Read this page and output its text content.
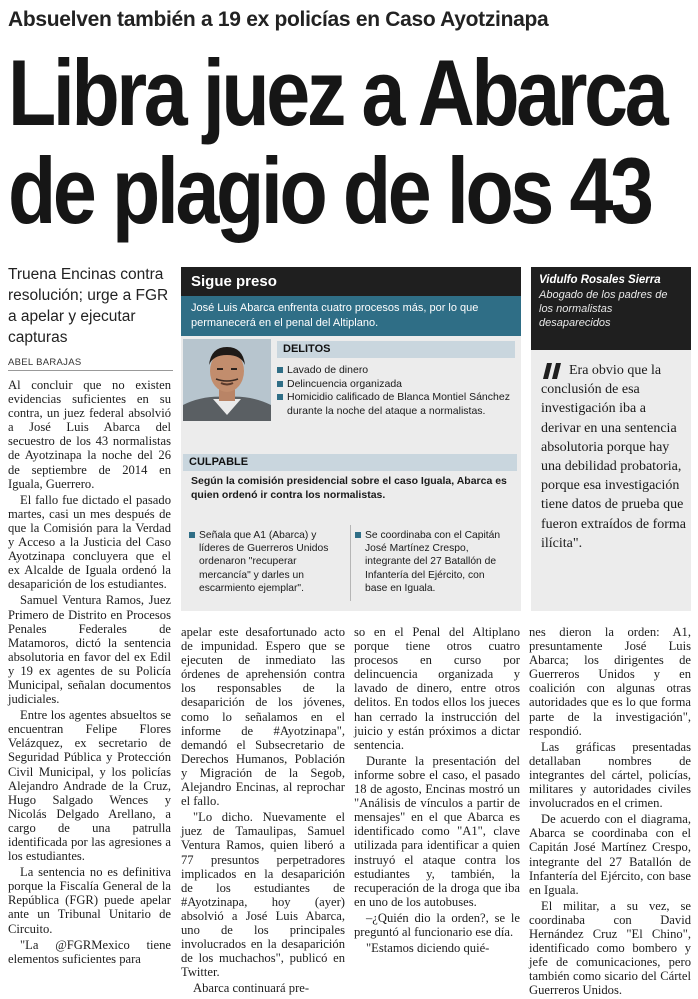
Absuelven también a 19 ex policías en Caso Ayotzinapa
Libra juez a Abarca
de plagio de los 43
Truena Encinas contra resolución; urge a FGR a apelar y ejecutar capturas
ABEL BARAJAS

Al concluir que no existen evidencias suficientes en su contra, un juez federal absolvió a José Luis Abarca del secuestro de los 43 normalistas de Ayotzinapa la noche del 26 de septiembre de 2014 en Iguala, Guerrero.

El fallo fue dictado el pasado martes, casi un mes después de que la Comisión para la Verdad y Acceso a la Justicia del Caso Ayotzinapa concluyera que el ex Alcalde de Iguala ordenó la desaparición de los estudiantes.

Samuel Ventura Ramos, Juez Primero de Distrito en Procesos Penales Federales de Matamoros, dictó la sentencia absolutoria en favor del ex Edil y 19 ex agentes de su Policía Municipal, señalan documentos judiciales.

Entre los agentes absueltos se encuentran Felipe Flores Velázquez, ex secretario de Seguridad Pública y Protección Civil Municipal, y los policías Alejandro Andrade de la Cruz, Hugo Salgado Wences y Nicolás Delgado Arellano, a cargo de una patrulla identificada por las agresiones a los estudiantes.

La sentencia no es definitiva porque la Fiscalía General de la República (FGR) puede apelar ante un Tribunal Unitario de Circuito.

"La @FGRMexico tiene elementos suficientes para

Sigue preso
José Luis Abarca enfrenta cuatro procesos más, por lo que permanecerá en el penal del Altiplano.
DELITOS
Lavado de dinero
Delincuencia organizada
Homicidio calificado de Blanca Montiel Sánchez durante la noche del ataque a normalistas.
CULPABLE
Según la comisión presidencial sobre el caso Iguala, Abarca es quien ordenó ir contra los normalistas.
Señala que A1 (Abarca) y líderes de Guerreros Unidos ordenaron "recuperar mercancía" y darles un escarmiento ejemplar".
Se coordinaba con el Capitán José Martínez Crespo, integrante del 27 Batallón de Infantería del Ejército, con base en Iguala.
Vidulfo Rosales Sierra
Abogado de los padres de los normalistas desaparecidos
Era obvio que la conclusión de esa investigación iba a derivar en una sentencia absolutoria porque hay una debilidad probatoria, porque esa investigación tiene datos de prueba que fueron extraídos de forma ilícita".

apelar este desafortunado acto de impunidad. Espero que se ejecuten de inmediato las órdenes de aprehensión contra los responsables de la desaparición de los jóvenes, como lo señalamos en el informe de #Ayotzinapa", demandó el Subsecretario de Derechos Humanos, Población y Migración de la Segob, Alejandro Encinas, al reprochar el fallo.

"Lo dicho. Nuevamente el juez de Tamaulipas, Samuel Ventura Ramos, quien liberó a 77 presuntos perpetradores implicados en la desaparición de los estudiantes de #Ayotzinapa, hoy (ayer) absolvió a José Luis Abarca, uno de los principales involucrados en la desaparición de los muchachos", publicó en Twitter.

Abarca continuará pre-

so en el Penal del Altiplano porque tiene otros cuatro procesos en curso por delincuencia organizada y lavado de dinero, entre otros delitos. En todos ellos los jueces han cerrado la instrucción del juicio y están próximos a dictar sentencia.

Durante la presentación del informe sobre el caso, el pasado 18 de agosto, Encinas mostró un "Análisis de vínculos a partir de mensajes" en el que Abarca es identificado como "A1", clave utilizada para identificar a quien instruyó el ataque contra los estudiantes y, también, la recuperación de la droga que iba en uno de los autobuses.

–¿Quién dio la orden?, se le preguntó al funcionario ese día.

"Estamos diciendo quié-

nes dieron la orden: A1, presuntamente José Luis Abarca; los dirigentes de Guerreros Unidos y en coalición con algunas otras autoridades que es lo que forma parte de la investigación", respondió.

Las gráficas presentadas detallaban nombres de integrantes del cártel, policías, militares y autoridades civiles involucrados en el crimen.

De acuerdo con el diagrama, Abarca se coordinaba con el Capitán José Martínez Crespo, integrante del 27 Batallón de Infantería del Ejército, con base en Iguala.

El militar, a su vez, se coordinaba con David Hernández Cruz "El Chino", identificado como bombero y jefe de comunicaciones, pero también como sicario del Cártel Guerreros Unidos.
